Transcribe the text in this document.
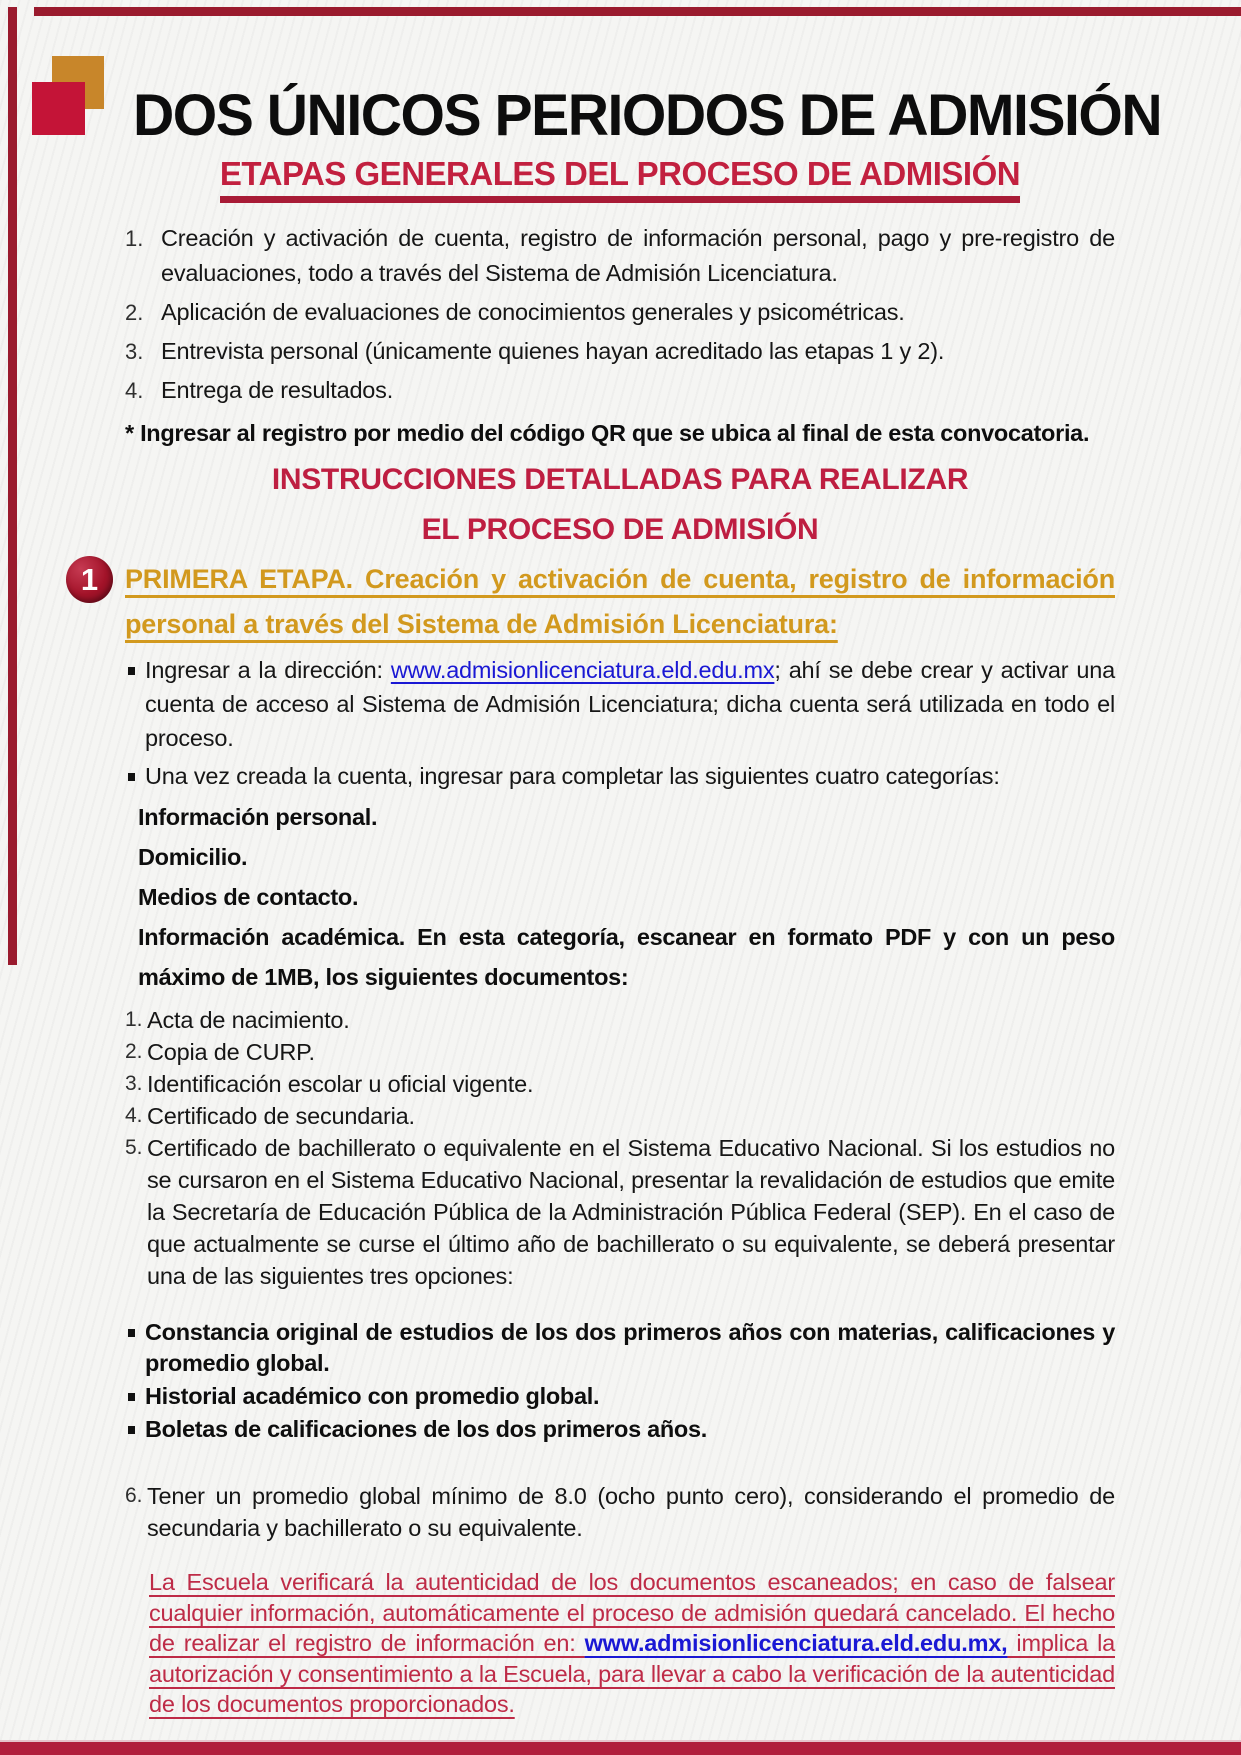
1
DOS ÚNICOS PERIODOS DE ADMISIÓN
ETAPAS GENERALES DEL PROCESO DE ADMISIÓN
1. Creación y activación de cuenta, registro de información personal, pago y pre-registro de evaluaciones, todo a través del Sistema de Admisión Licenciatura.
2. Aplicación de evaluaciones de conocimientos generales y psicométricas.
3. Entrevista personal (únicamente quienes hayan acreditado las etapas 1 y 2).
4. Entrega de resultados.
* Ingresar al registro por medio del código QR que se ubica al final de esta convocatoria.
INSTRUCCIONES DETALLADAS PARA REALIZAR
EL PROCESO DE ADMISIÓN
PRIMERA ETAPA. Creación y activación de cuenta, registro de información personal a través del Sistema de Admisión Licenciatura:
Ingresar a la dirección: www.admisionlicenciatura.eld.edu.mx; ahí se debe crear y activar una cuenta de acceso al Sistema de Admisión Licenciatura; dicha cuenta será utilizada en todo el proceso.
Una vez creada la cuenta, ingresar para completar las siguientes cuatro categorías:
Información personal.
Domicilio.
Medios de contacto.
Información académica. En esta categoría, escanear en formato PDF y con un peso máximo de 1MB, los siguientes documentos:
1. Acta de nacimiento.
2. Copia de CURP.
3. Identificación escolar u oficial vigente.
4. Certificado de secundaria.
5. Certificado de bachillerato o equivalente en el Sistema Educativo Nacional. Si los estudios no se cursaron en el Sistema Educativo Nacional, presentar la revalidación de estudios que emite la Secretaría de Educación Pública de la Administración Pública Federal (SEP). En el caso de que actualmente se curse el último año de bachillerato o su equivalente, se deberá presentar una de las siguientes tres opciones:
Constancia original de estudios de los dos primeros años con materias, calificaciones y promedio global.
Historial académico con promedio global.
Boletas de calificaciones de los dos primeros años.
6. Tener un promedio global mínimo de 8.0 (ocho punto cero), considerando el promedio de secundaria y bachillerato o su equivalente.
La Escuela verificará la autenticidad de los documentos escaneados; en caso de falsear cualquier información, automáticamente el proceso de admisión quedará cancelado. El hecho de realizar el registro de información en: www.admisionlicenciatura.eld.edu.mx, implica la autorización y consentimiento a la Escuela, para llevar a cabo la verificación de la autenticidad de los documentos proporcionados.
